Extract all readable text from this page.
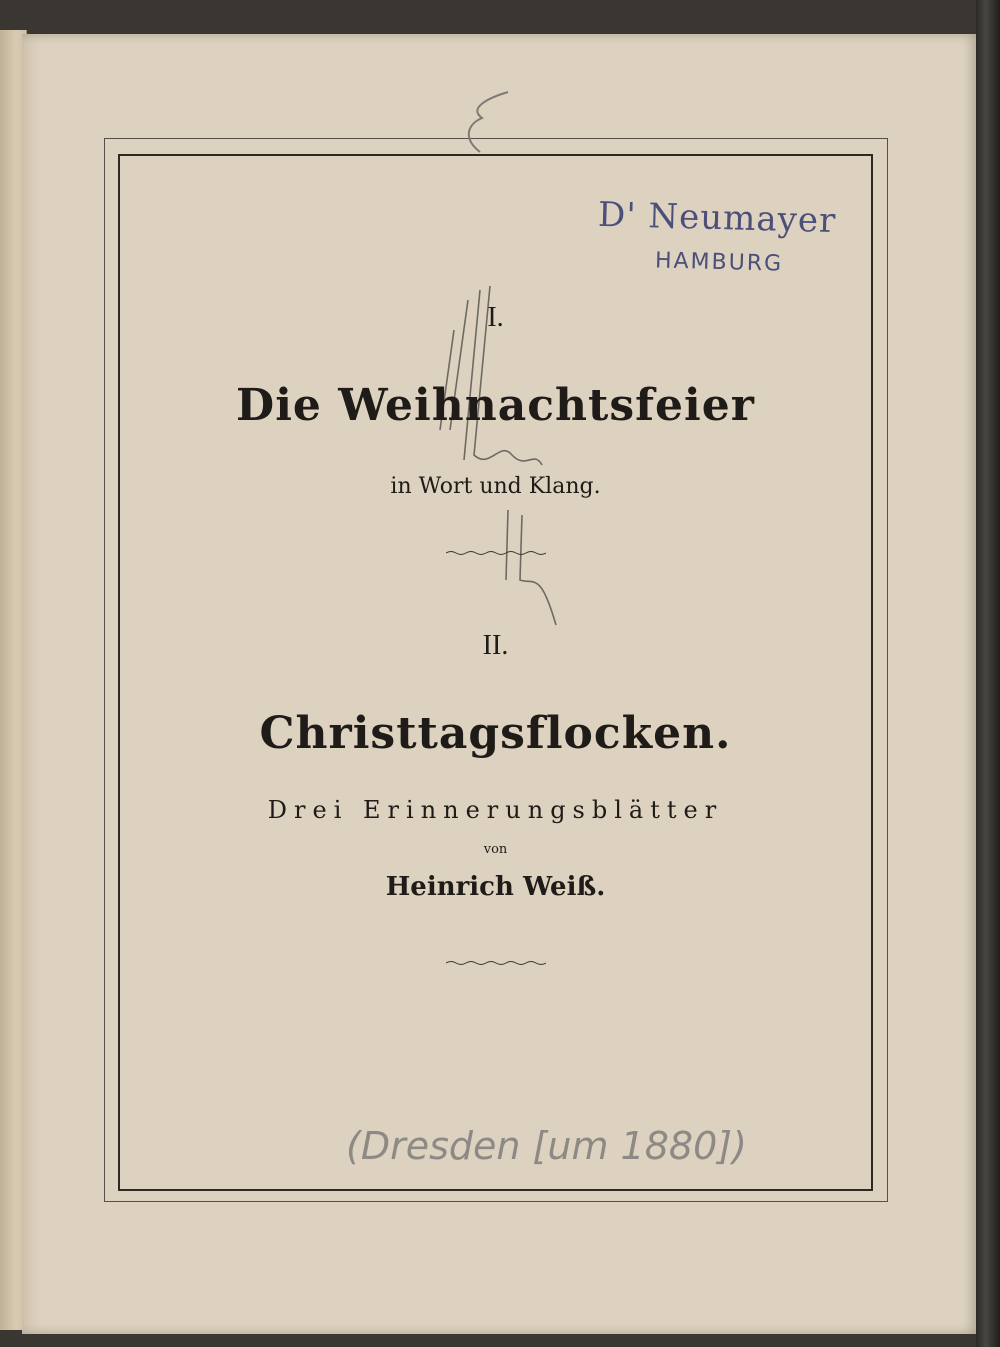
D' Neumayer
HAMBURG
I.
Die Weihnachtsfeier
in Wort und Klang.
II.
Christtagsflocken.
Drei Erinnerungsblätter
von
Heinrich Weiß.
(Dresden [um 1880])
